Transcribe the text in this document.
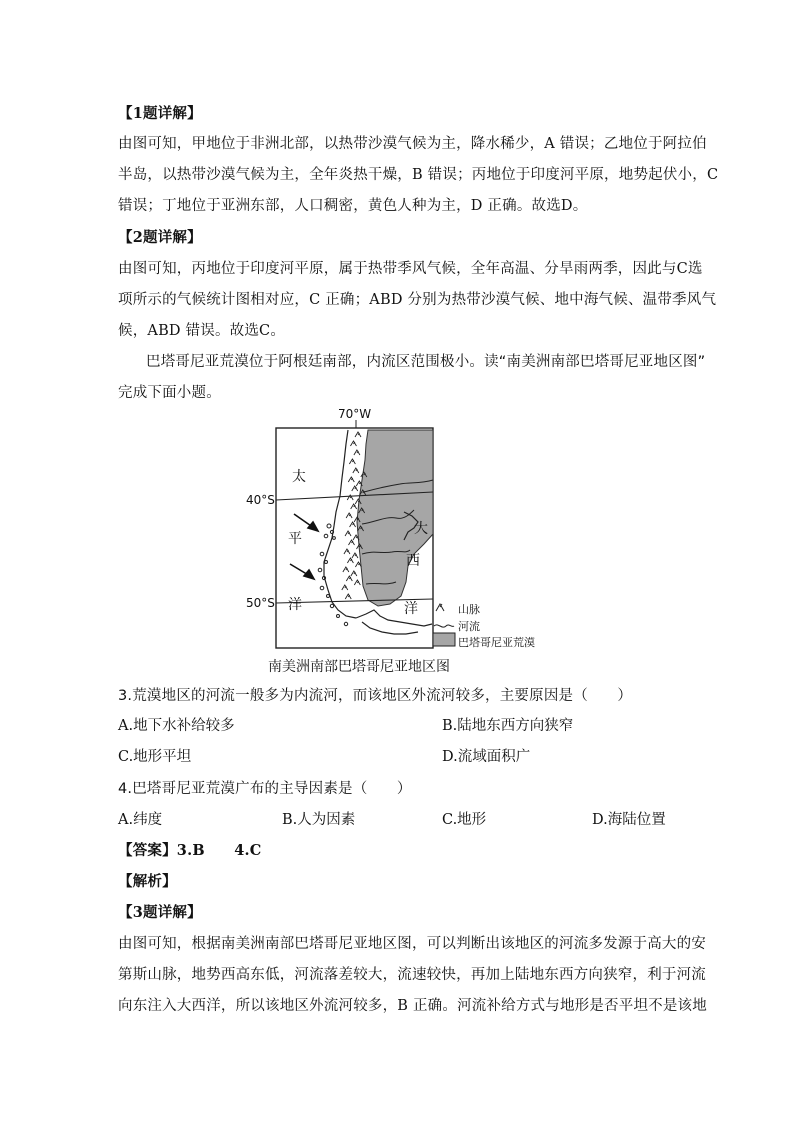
【1题详解】
由图可知，甲地位于非洲北部，以热带沙漠气候为主，降水稀少，A 错误；乙地位于阿拉伯
半岛，以热带沙漠气候为主，全年炎热干燥，B 错误；丙地位于印度河平原，地势起伏小，C
错误；丁地位于亚洲东部，人口稠密，黄色人种为主，D 正确。故选D。
【2题详解】
由图可知，丙地位于印度河平原，属于热带季风气候，全年高温、分旱雨两季，因此与C选
项所示的气候统计图相对应，C 正确；ABD 分别为热带沙漠气候、地中海气候、温带季风气
候，ABD 错误。故选C。
巴塔哥尼亚荒漠位于阿根廷南部，内流区范围极小。读“南美洲南部巴塔哥尼亚地区图”
完成下面小题。
70°W
40°S
50°S
太
平
洋
大
西
洋	山脉
河流
巴塔哥尼亚荒漠
南美洲南部巴塔哥尼亚地区图
3.荒漠地区的河流一般多为内流河，而该地区外流河较多，主要原因是（　　）
A.地下水补给较多	B.陆地东西方向狭窄
C.地形平坦	D.流域面积广
4.巴塔哥尼亚荒漠广布的主导因素是（　　）
A.纬度	B.人为因素	C.地形	D.海陆位置
【答案】3.B　　4.C
【解析】
【3题详解】
由图可知，根据南美洲南部巴塔哥尼亚地区图，可以判断出该地区的河流多发源于高大的安
第斯山脉，地势西高东低，河流落差较大，流速较快，再加上陆地东西方向狭窄，利于河流
向东注入大西洋，所以该地区外流河较多，B 正确。河流补给方式与地形是否平坦不是该地
